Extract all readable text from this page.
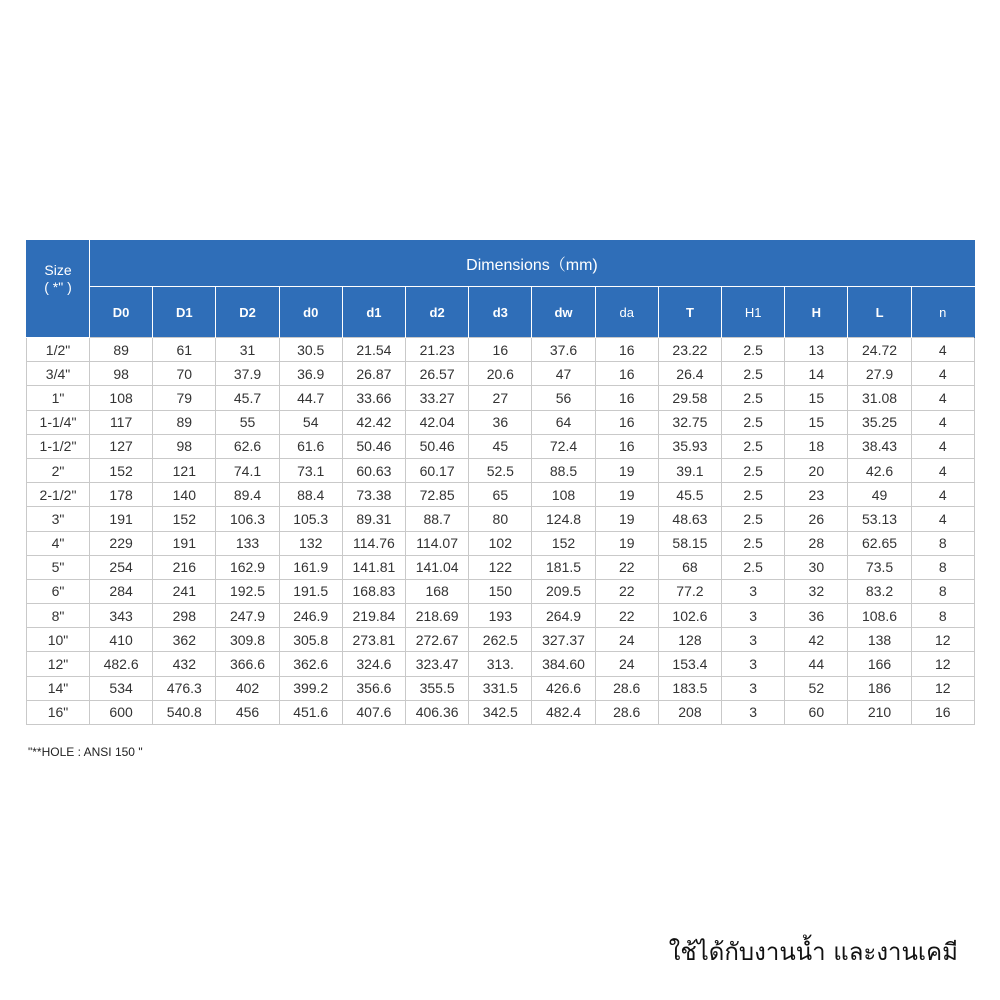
Size
( *" )	Dimensions（mm)													
	D0	D1	D2	d0	d1	d2	d3	dw	da	T	H1	H	L	n
1/2"	89	61	31	30.5	21.54	21.23	16	37.6	16	23.22	2.5	13	24.72	4
3/4"	98	70	37.9	36.9	26.87	26.57	20.6	47	16	26.4	2.5	14	27.9	4
1"	108	79	45.7	44.7	33.66	33.27	27	56	16	29.58	2.5	15	31.08	4
1-1/4"	117	89	55	54	42.42	42.04	36	64	16	32.75	2.5	15	35.25	4
1-1/2"	127	98	62.6	61.6	50.46	50.46	45	72.4	16	35.93	2.5	18	38.43	4
2"	152	121	74.1	73.1	60.63	60.17	52.5	88.5	19	39.1	2.5	20	42.6	4
2-1/2"	178	140	89.4	88.4	73.38	72.85	65	108	19	45.5	2.5	23	49	4
3"	191	152	106.3	105.3	89.31	88.7	80	124.8	19	48.63	2.5	26	53.13	4
4"	229	191	133	132	114.76	114.07	102	152	19	58.15	2.5	28	62.65	8
5"	254	216	162.9	161.9	141.81	141.04	122	181.5	22	68	2.5	30	73.5	8
6"	284	241	192.5	191.5	168.83	168	150	209.5	22	77.2	3	32	83.2	8
8"	343	298	247.9	246.9	219.84	218.69	193	264.9	22	102.6	3	36	108.6	8
10"	410	362	309.8	305.8	273.81	272.67	262.5	327.37	24	128	3	42	138	12
12"	482.6	432	366.6	362.6	324.6	323.47	313.	384.60	24	153.4	3	44	166	12
14"	534	476.3	402	399.2	356.6	355.5	331.5	426.6	28.6	183.5	3	52	186	12
16"	600	540.8	456	451.6	407.6	406.36	342.5	482.4	28.6	208	3	60	210	16
"**HOLE : ANSI 150 "
ใช้ได้กับงานน้ำ และงานเคมี
